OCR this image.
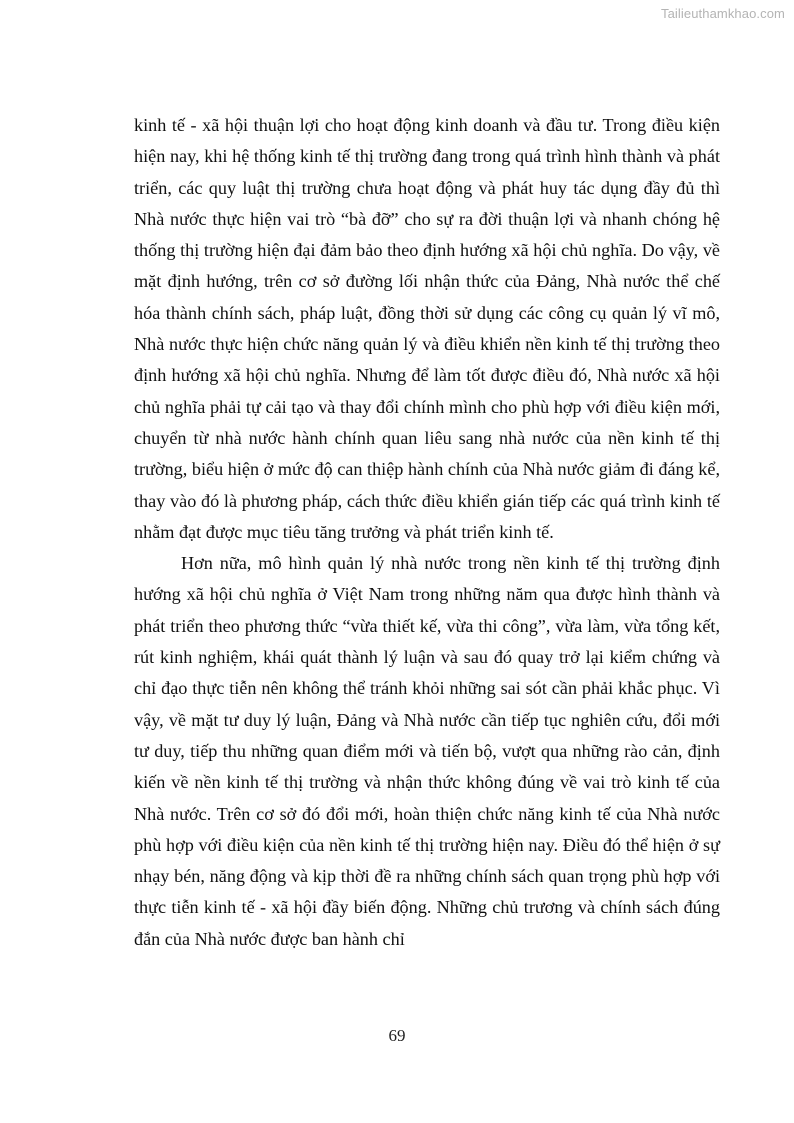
Tailieuthamkhao.com

kinh tế - xã hội thuận lợi cho hoạt động kinh doanh và đầu tư. Trong điều kiện hiện nay, khi hệ thống kinh tế thị trường đang trong quá trình hình thành và phát triển, các quy luật thị trường chưa hoạt động và phát huy tác dụng đầy đủ thì Nhà nước thực hiện vai trò “bà đỡ” cho sự ra đời thuận lợi và nhanh chóng hệ thống thị trường hiện đại đảm bảo theo định hướng xã hội chủ nghĩa. Do vậy, về mặt định hướng, trên cơ sở đường lối nhận thức của Đảng, Nhà nước thể chế hóa thành chính sách, pháp luật, đồng thời sử dụng các công cụ quản lý vĩ mô, Nhà nước thực hiện chức năng quản lý và điều khiển nền kinh tế thị trường theo định hướng xã hội chủ nghĩa. Nhưng để làm tốt được điều đó, Nhà nước xã hội chủ nghĩa phải tự cải tạo và thay đổi chính mình cho phù hợp với điều kiện mới, chuyển từ nhà nước hành chính quan liêu sang nhà nước của nền kinh tế thị trường, biểu hiện ở mức độ can thiệp hành chính của Nhà nước giảm đi đáng kể, thay vào đó là phương pháp, cách thức điều khiển gián tiếp các quá trình kinh tế nhằm đạt được mục tiêu tăng trưởng và phát triển kinh tế.

Hơn nữa, mô hình quản lý nhà nước trong nền kinh tế thị trường định hướng xã hội chủ nghĩa ở Việt Nam trong những năm qua được hình thành và phát triển theo phương thức “vừa thiết kế, vừa thi công”, vừa làm, vừa tổng kết, rút kinh nghiệm, khái quát thành lý luận và sau đó quay trở lại kiểm chứng và chỉ đạo thực tiễn nên không thể tránh khỏi những sai sót cần phải khắc phục. Vì vậy, về mặt tư duy lý luận, Đảng và Nhà nước cần tiếp tục nghiên cứu, đổi mới tư duy, tiếp thu những quan điểm mới và tiến bộ, vượt qua những rào cản, định kiến về nền kinh tế thị trường và nhận thức không đúng về vai trò kinh tế của Nhà nước. Trên cơ sở đó đổi mới, hoàn thiện chức năng kinh tế của Nhà nước phù hợp với điều kiện của nền kinh tế thị trường hiện nay. Điều đó thể hiện ở sự nhạy bén, năng động và kịp thời đề ra những chính sách quan trọng phù hợp với thực tiễn kinh tế - xã hội đầy biến động. Những chủ trương và chính sách đúng đắn của Nhà nước được ban hành chỉ

69
